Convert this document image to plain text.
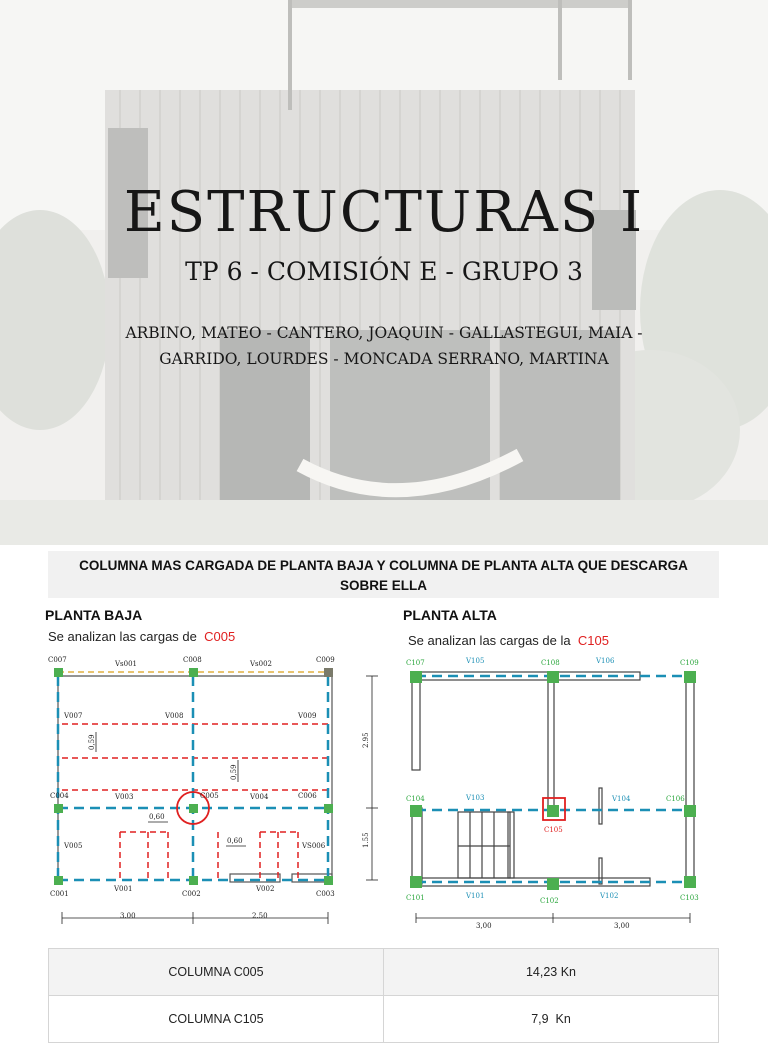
ESTRUCTURAS I
TP 6 - COMISIÓN E - GRUPO 3
ARBINO, MATEO - CANTERO, JOAQUIN - GALLASTEGUI, MAIA -
GARRIDO, LOURDES - MONCADA SERRANO, MARTINA
COLUMNA MAS CARGADA DE PLANTA BAJA Y COLUMNA DE PLANTA ALTA QUE DESCARGA
SOBRE ELLA
PLANTA BAJA	PLANTA ALTA
Se analizan las cargas de C005	Se analizan las cargas de la C105
C007	C008	C009
C004	C005	C006
C001	C002	C003
Vs001	Vs002
V007	V008	V009
V003	V004
V005	VS006
V001	V002
0,60
0,60
3.00	2.50
0,59
0,59
2.95
1.55
C107	C108	C109
C104
C105
C106
C101	C102	C103
V105	V106
V103	V104
V101	V102
3,00	3,00
COLUMNA C005	14,23 Kn
COLUMNA C105	7,9  Kn
